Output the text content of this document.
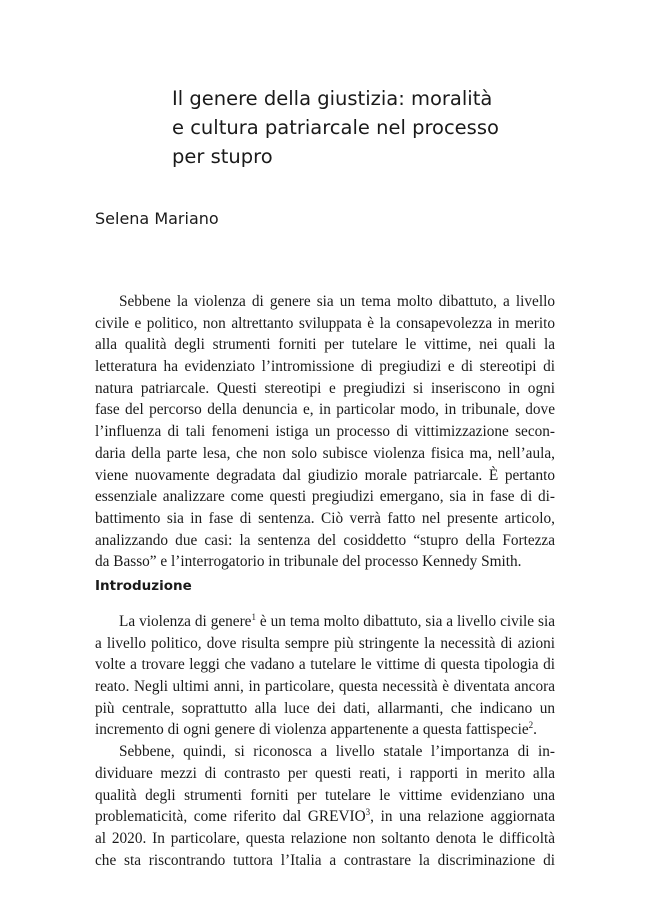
Il genere della giustizia: moralità
e cultura patriarcale nel processo
per stupro

Selena Mariano

Sebbene la violenza di genere sia un tema molto dibattuto, a livello
civile e politico, non altrettanto sviluppata è la consapevolezza in merito
alla qualità degli strumenti forniti per tutelare le vittime, nei quali la
letteratura ha evidenziato l’intromissione di pregiudizi e di stereotipi di
natura patriarcale. Questi stereotipi e pregiudizi si inseriscono in ogni
fase del percorso della denuncia e, in particolar modo, in tribunale, dove
l’influenza di tali fenomeni istiga un processo di vittimizzazione secon-
daria della parte lesa, che non solo subisce violenza fisica ma, nell’aula,
viene nuovamente degradata dal giudizio morale patriarcale. È pertanto
essenziale analizzare come questi pregiudizi emergano, sia in fase di di-
battimento sia in fase di sentenza. Ciò verrà fatto nel presente articolo,
analizzando due casi: la sentenza del cosiddetto “stupro della Fortezza
da Basso” e l’interrogatorio in tribunale del processo Kennedy Smith.
Introduzione
La violenza di genere$^1$ è un tema molto dibattuto, sia a livello civile sia
a livello politico, dove risulta sempre più stringente la necessità di azioni
volte a trovare leggi che vadano a tutelare le vittime di questa tipologia di
reato. Negli ultimi anni, in particolare, questa necessità è diventata ancora
più centrale, soprattutto alla luce dei dati, allarmanti, che indicano un
incremento di ogni genere di violenza appartenente a questa fattispecie$^2$.
Sebbene, quindi, si riconosca a livello statale l’importanza di in-
dividuare mezzi di contrasto per questi reati, i rapporti in merito alla
qualità degli strumenti forniti per tutelare le vittime evidenziano una
problematicità, come riferito dal GREVIO$^3$, in una relazione aggiornata
al 2020. In particolare, questa relazione non soltanto denota le difficoltà
che sta riscontrando tuttora l’Italia a contrastare la discriminazione di
